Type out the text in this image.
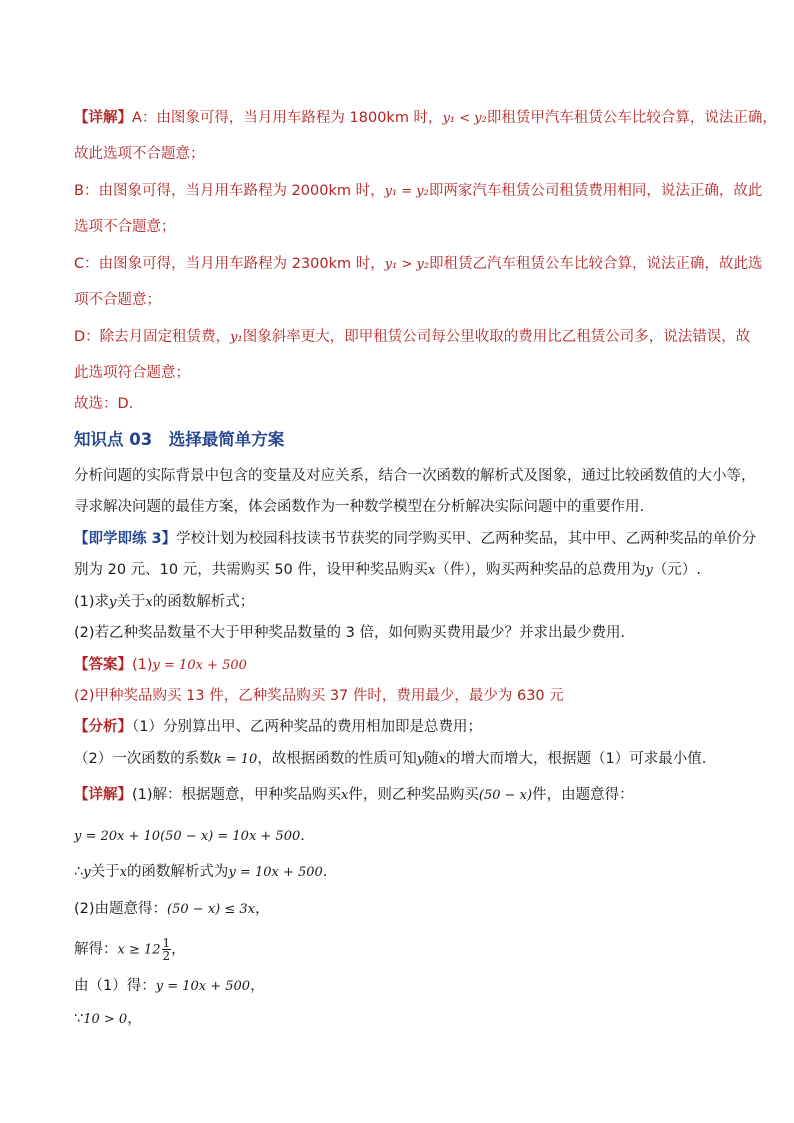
【详解】A：由图象可得，当月用车路程为 1800km 时，y₁ < y₂即租赁甲汽车租赁公车比较合算，说法正确，
故此选项不合题意；
B：由图象可得，当月用车路程为 2000km 时，y₁ = y₂即两家汽车租赁公司租赁费用相同，说法正确，故此
选项不合题意；
C：由图象可得，当月用车路程为 2300km 时，y₁ > y₂即租赁乙汽车租赁公车比较合算，说法正确，故此选
项不合题意；
D：除去月固定租赁费，y₁图象斜率更大，即甲租赁公司每公里收取的费用比乙租赁公司多，说法错误，故
此选项符合题意；
故选：D．
知识点 03　选择最简单方案
分析问题的实际背景中包含的变量及对应关系，结合一次函数的解析式及图象，通过比较函数值的大小等，
寻求解决问题的最佳方案，体会函数作为一种数学模型在分析解决实际问题中的重要作用.
【即学即练 3】学校计划为校园科技读书节获奖的同学购买甲、乙两种奖品，其中甲、乙两种奖品的单价分
别为 20 元、10 元，共需购买 50 件，设甲种奖品购买x（件），购买两种奖品的总费用为y（元）.
(1)求y关于x的函数解析式；
(2)若乙种奖品数量不大于甲种奖品数量的 3 倍，如何购买费用最少？并求出最少费用.
【答案】(1)y = 10x + 500
(2)甲种奖品购买 13 件，乙种奖品购买 37 件时，费用最少，最少为 630 元
【分析】（1）分别算出甲、乙两种奖品的费用相加即是总费用；
（2）一次函数的系数k = 10，故根据函数的性质可知y随x的增大而增大，根据题（1）可求最小值.
【详解】(1)解：根据题意，甲种奖品购买x件，则乙种奖品购买(50 − x)件，由题意得：
y = 20x + 10(50 − x) = 10x + 500.
∴y关于x的函数解析式为y = 10x + 500.
(2)由题意得：(50 − x) ≤ 3x，
解得：$x \ge 12 \frac{1}{2}$ ，
由（1）得：y = 10x + 500，
∵10 > 0，
